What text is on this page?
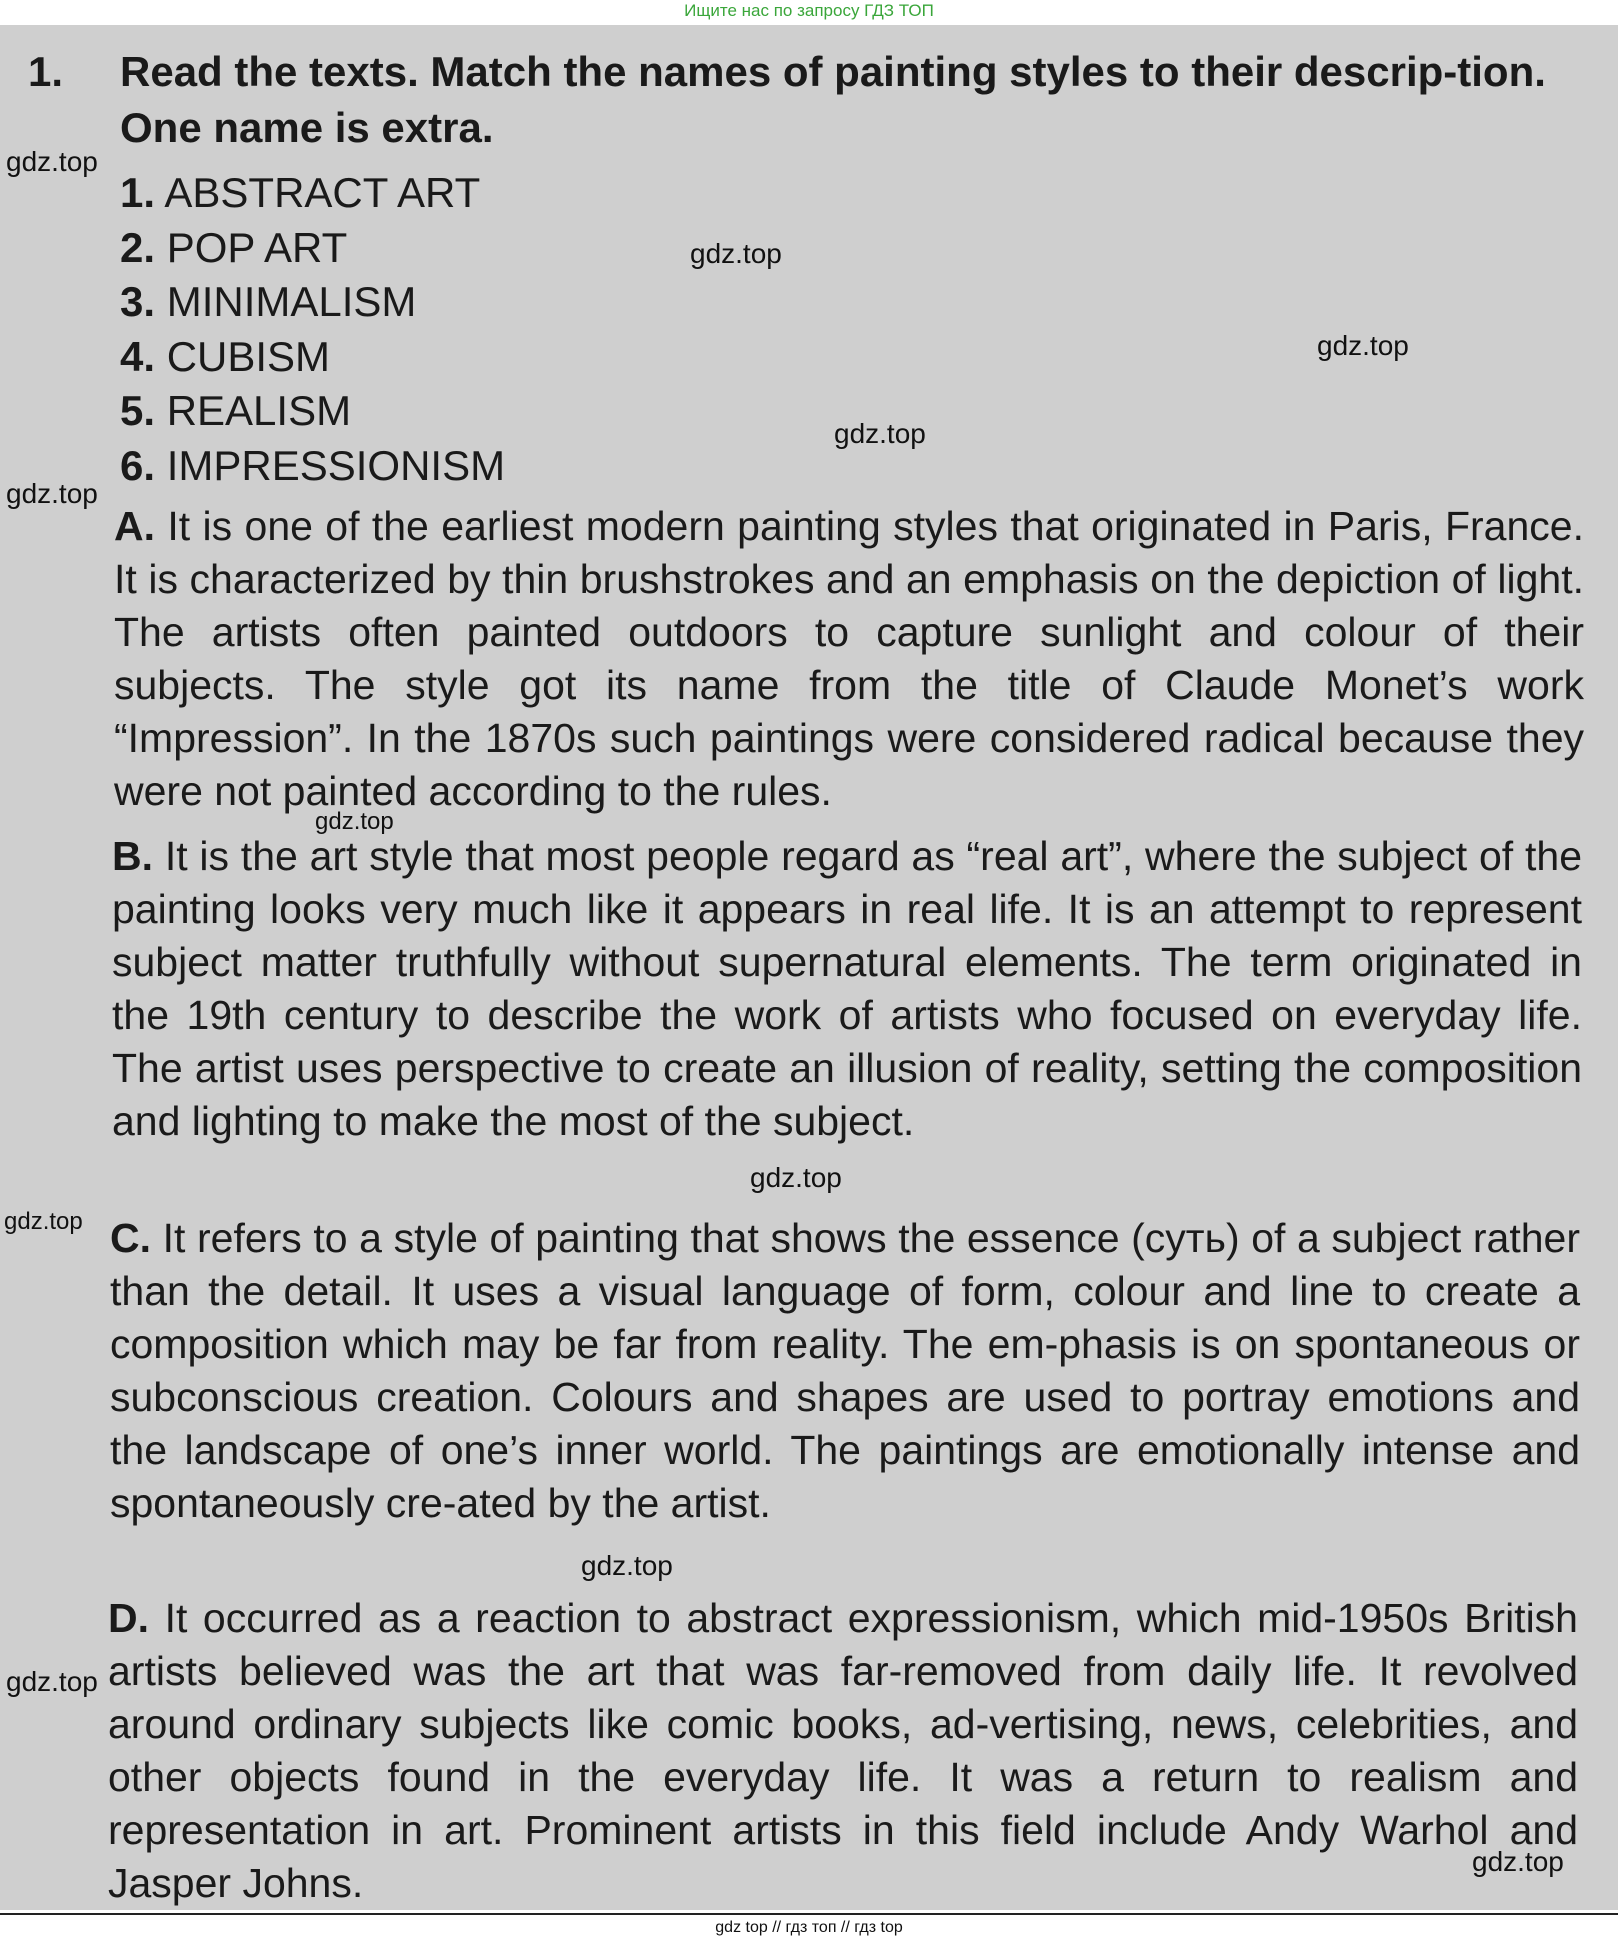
Ищите нас по запросу ГДЗ ТОП
1. Read the texts. Match the names of painting styles to their descrip-tion. One name is extra.

1. ABSTRACT ART
2. POP ART
3. MINIMALISM
4. CUBISM
5. REALISM
6. IMPRESSIONISM

A. It is one of the earliest modern painting styles that originated in Paris, France. It is characterized by thin brushstrokes and an emphasis on the depiction of light. The artists often painted outdoors to capture sunlight and colour of their subjects. The style got its name from the title of Claude Monet’s work “Impression”. In the 1870s such paintings were considered radical because they were not painted according to the rules.

B. It is the art style that most people regard as “real art”, where the subject of the painting looks very much like it appears in real life. It is an attempt to represent subject matter truthfully without supernatural elements. The term originated in the 19th century to describe the work of artists who focused on everyday life. The artist uses perspective to create an illusion of reality, setting the composition and lighting to make the most of the subject.

C. It refers to a style of painting that shows the essence (суть) of a subject rather than the detail. It uses a visual language of form, colour and line to create a composition which may be far from reality. The em-phasis is on spontaneous or subconscious creation. Colours and shapes are used to portray emotions and the landscape of one’s inner world. The paintings are emotionally intense and spontaneously cre-ated by the artist.

D. It occurred as a reaction to abstract expressionism, which mid-1950s British artists believed was the art that was far-removed from daily life. It revolved around ordinary subjects like comic books, ad-vertising, news, celebrities, and other objects found in the everyday life. It was a return to realism and representation in art. Prominent artists in this field include Andy Warhol and Jasper Johns.

gdz.top
gdz.top
gdz.top
gdz.top
gdz.top
gdz.top
gdz.top
gdz.top
gdz.top
gdz.top
gdz.top
gdz top // гдз топ // гдз top
